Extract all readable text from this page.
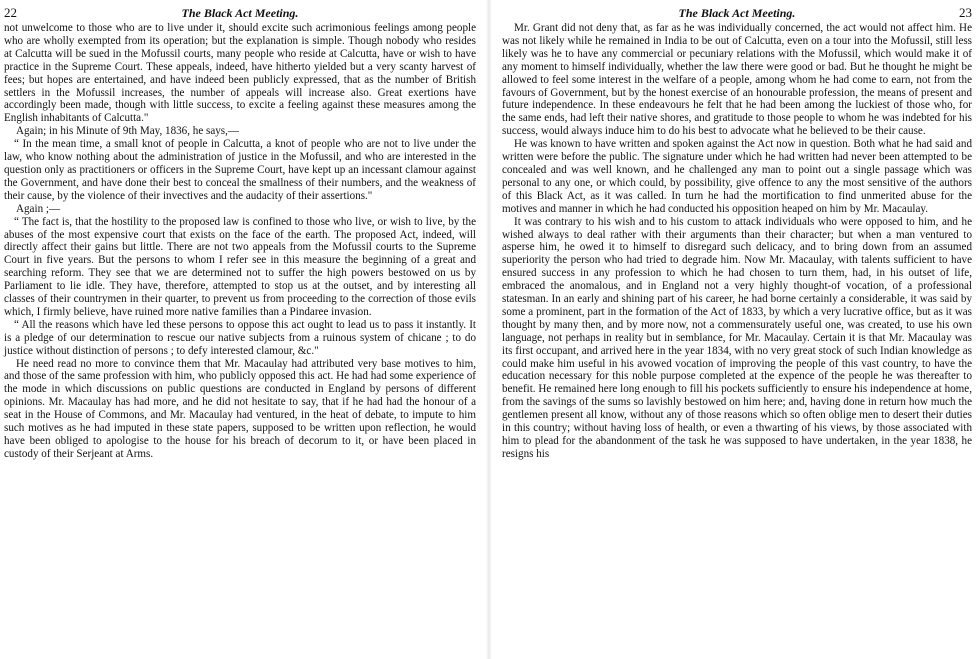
22	The Black Act Meeting.

not unwelcome to those who are to live under it, should excite such acrimonious feelings among people who are wholly exempted from its operation; but the explanation is simple. Though nobody who resides at Calcutta will be sued in the Mofussil courts, many people who reside at Calcutta, have or wish to have practice in the Supreme Court. These appeals, indeed, have hitherto yielded but a very scanty harvest of fees; but hopes are entertained, and have indeed been publicly expressed, that as the number of British settlers in the Mofussil increases, the number of appeals will increase also. Great exertions have accordingly been made, though with little success, to excite a feeling against these measures among the English inhabitants of Calcutta."

Again; in his Minute of 9th May, 1836, he says,—

“ In the mean time, a small knot of people in Calcutta, a knot of people who are not to live under the law, who know nothing about the administration of justice in the Mofussil, and who are interested in the question only as practitioners or officers in the Supreme Court, have kept up an incessant clamour against the Government, and have done their best to conceal the smallness of their numbers, and the weakness of their cause, by the violence of their invectives and the audacity of their assertions."

Again ;—

“ The fact is, that the hostility to the proposed law is confined to those who live, or wish to live, by the abuses of the most expensive court that exists on the face of the earth. The proposed Act, indeed, will directly affect their gains but little. There are not two appeals from the Mofussil courts to the Supreme Court in five years. But the persons to whom I refer see in this measure the beginning of a great and searching reform. They see that we are determined not to suffer the high powers bestowed on us by Parliament to lie idle. They have, therefore, attempted to stop us at the outset, and by interesting all classes of their countrymen in their quarter, to prevent us from proceeding to the correction of those evils which, I firmly believe, have ruined more native families than a Pindaree invasion.

“ All the reasons which have led these persons to oppose this act ought to lead us to pass it instantly. It is a pledge of our determination to rescue our native subjects from a ruinous system of chicane ; to do justice without distinction of persons ; to defy interested clamour, &c."

He need read no more to convince them that Mr. Macaulay had attributed very base motives to him, and those of the same profession with him, who publicly opposed this act. He had had some experience of the mode in which discussions on public questions are conducted in England by persons of different opinions. Mr. Macaulay has had more, and he did not hesitate to say, that if he had had the honour of a seat in the House of Commons, and Mr. Macaulay had ventured, in the heat of debate, to impute to him such motives as he had imputed in these state papers, supposed to be written upon reflection, he would have been obliged to apologise to the house for his breach of decorum to it, or have been placed in custody of their Serjeant at Arms.

The Black Act Meeting.	23

Mr. Grant did not deny that, as far as he was individually concerned, the act would not affect him. He was not likely while he remained in India to be out of Calcutta, even on a tour into the Mofussil, still less likely was he to have any commercial or pecuniary relations with the Mofussil, which would make it of any moment to himself individually, whether the law there were good or bad. But he thought he might be allowed to feel some interest in the welfare of a people, among whom he had come to earn, not from the favours of Government, but by the honest exercise of an honourable profession, the means of present and future independence. In these endeavours he felt that he had been among the luckiest of those who, for the same ends, had left their native shores, and gratitude to those people to whom he was indebted for his success, would always induce him to do his best to advocate what he believed to be their cause.

He was known to have written and spoken against the Act now in question. Both what he had said and written were before the public. The signature under which he had written had never been attempted to be concealed and was well known, and he challenged any man to point out a single passage which was personal to any one, or which could, by possibility, give offence to any the most sensitive of the authors of this Black Act, as it was called. In turn he had the mortification to find unmerited abuse for the motives and manner in which he had conducted his opposition heaped on him by Mr. Macaulay.

It was contrary to his wish and to his custom to attack individuals who were opposed to him, and he wished always to deal rather with their arguments than their character; but when a man ventured to asperse him, he owed it to himself to disregard such delicacy, and to bring down from an assumed superiority the person who had tried to degrade him. Now Mr. Macaulay, with talents sufficient to have ensured success in any profession to which he had chosen to turn them, had, in his outset of life, embraced the anomalous, and in England not a very highly thought-of vocation, of a professional statesman. In an early and shining part of his career, he had borne certainly a considerable, it was said by some a prominent, part in the formation of the Act of 1833, by which a very lucrative office, but as it was thought by many then, and by more now, not a commensurately useful one, was created, to use his own language, not perhaps in reality but in semblance, for Mr. Macaulay. Certain it is that Mr. Macaulay was its first occupant, and arrived here in the year 1834, with no very great stock of such Indian knowledge as could make him useful in his avowed vocation of improving the people of this vast country, to have the education necessary for this noble purpose completed at the expence of the people he was thereafter to benefit. He remained here long enough to fill his pockets sufficiently to ensure his independence at home, from the savings of the sums so lavishly bestowed on him here; and, having done in return how much the gentlemen present all know, without any of those reasons which so often oblige men to desert their duties in this country; without having loss of health, or even a thwarting of his views, by those associated with him to plead for the abandonment of the task he was supposed to have undertaken, in the year 1838, he resigns his
